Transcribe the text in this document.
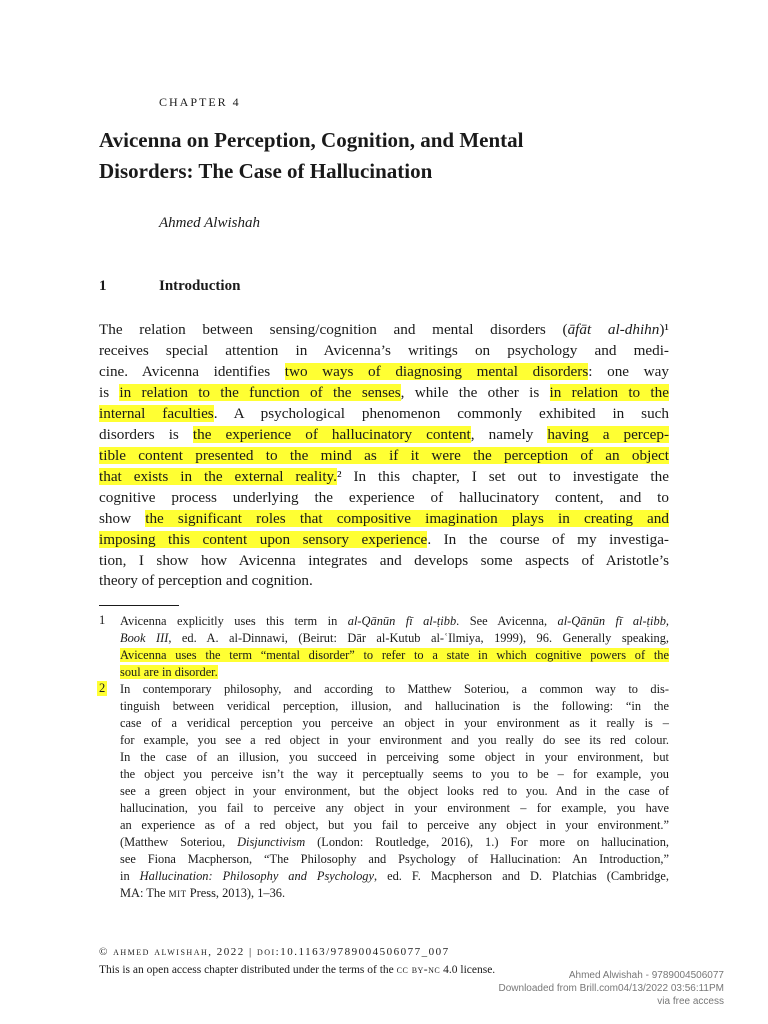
CHAPTER 4
Avicenna on Perception, Cognition, and Mental
Disorders: The Case of Hallucination
Ahmed Alwishah
1	Introduction
The relation between sensing/cognition and mental disorders (āfāt al-dhihn)¹
receives special attention in Avicenna’s writings on psychology and medi-
cine. Avicenna identifies two ways of diagnosing mental disorders: one way
is in relation to the function of the senses, while the other is in relation to the
internal faculties. A psychological phenomenon commonly exhibited in such
disorders is the experience of hallucinatory content, namely having a percep-
tible content presented to the mind as if it were the perception of an object
that exists in the external reality.² In this chapter, I set out to investigate the
cognitive process underlying the experience of hallucinatory content, and to
show the significant roles that compositive imagination plays in creating and
imposing this content upon sensory experience. In the course of my investiga-
tion, I show how Avicenna integrates and develops some aspects of Aristotle’s
theory of perception and cognition.
1 Avicenna explicitly uses this term in al-Qānūn fī al-ṭibb. See Avicenna, al-Qānūn fī al-ṭibb,
Book III, ed. A. al-Dinnawi, (Beirut: Dār al-Kutub al-ʿIlmiya, 1999), 96. Generally speaking,
Avicenna uses the term “mental disorder” to refer to a state in which cognitive powers of the
soul are in disorder.
2 In contemporary philosophy, and according to Matthew Soteriou, a common way to dis-
tinguish between veridical perception, illusion, and hallucination is the following: “in the
case of a veridical perception you perceive an object in your environment as it really is –
for example, you see a red object in your environment and you really do see its red colour.
In the case of an illusion, you succeed in perceiving some object in your environment, but
the object you perceive isn’t the way it perceptually seems to you to be – for example, you
see a green object in your environment, but the object looks red to you. And in the case of
hallucination, you fail to perceive any object in your environment – for example, you have
an experience as of a red object, but you fail to perceive any object in your environment.”
(Matthew Soteriou, Disjunctivism (London: Routledge, 2016), 1.) For more on hallucination,
see Fiona Macpherson, “The Philosophy and Psychology of Hallucination: An Introduction,”
in Hallucination: Philosophy and Psychology, ed. F. Macpherson and D. Platchias (Cambridge,
MA: The mit Press, 2013), 1–36.
© ahmed alwishah, 2022 | doi:10.1163/9789004506077_007
This is an open access chapter distributed under the terms of the cc by-nc 4.0 license.	Ahmed Alwishah - 9789004506077
Downloaded from Brill.com04/13/2022 03:56:11PM
via free access
